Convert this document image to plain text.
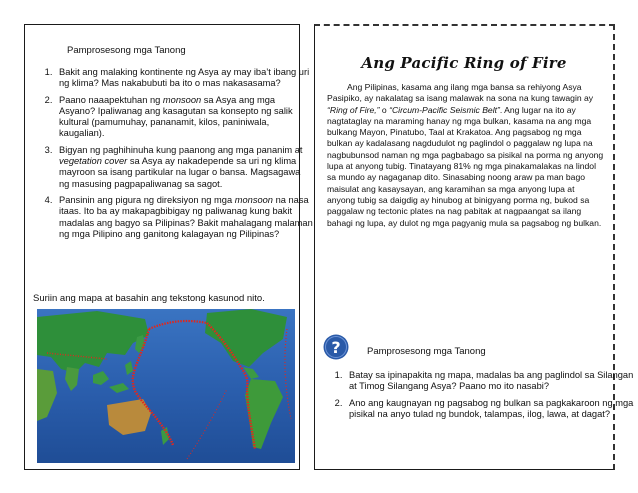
Pamprosesong mga Tanong
1. Bakit ang malaking kontinente ng Asya ay may iba’t ibang uri ng klima? Mas nakabubuti ba ito o mas nakasasama?
2. Paano naaapektuhan ng monsoon sa Asya ang mga Asyano? Ipaliwanag ang kasagutan sa konsepto ng salik kultural (pamumuhay, pananamit, kilos, paniniwala, kaugalian).
3. Bigyan ng paghihinuha kung paanong ang mga pananim at vegetation cover sa Asya ay nakadepende sa uri ng klima mayroon sa isang partikular na lugar o bansa. Magsagawa ng masusing pagpapaliwanag sa sagot.
4. Pansinin ang pigura ng direksiyon ng mga monsoon na nasa itaas. Ito ba ay makapagbibigay ng paliwanag kung bakit madalas ang bagyo sa Pilipinas? Bakit mahalagang malaman ng mga Pilipino ang ganitong kalagayan ng Pilipinas?
Suriin ang mapa at basahin ang tekstong kasunod nito.
Ang Pacific Ring of Fire

Ang Pilipinas, kasama ang ilang mga bansa sa rehiyong Asya Pasipiko, ay nakalatag sa isang malawak na sona na kung tawagin ay “Ring of Fire,” o “Circum-Pacific Seismic Belt”. Ang lugar na ito ay nagtataglay na maraming hanay ng mga bulkan, kasama na ang mga bulkang Mayon, Pinatubo, Taal at Krakatoa. Ang pagsabog ng mga bulkan ay kadalasang nagdudulot ng paglindol o paggalaw ng lupa na nagbubunsod naman ng mga pagbabago sa pisikal na porma ng anyong lupa at anyong tubig. Tinatayang 81% ng mga pinakamalakas na lindol sa mundo ay nagaganap dito. Sinasabing noong araw pa man bago maisulat ang kasaysayan, ang karamihan sa mga anyong lupa at anyong tubig sa daigdig ay hinubog at binigyang porma ng, bukod sa paggalaw ng tectonic plates na nag pabitak at nagpaangat sa ilang bahagi ng lupa, ay dulot ng mga pagyanig mula sa pagsabog ng bulkan.

?	Pamprosesong mga Tanong
1. Batay sa ipinapakita ng mapa, madalas ba ang paglindol sa Silangan at Timog Silangang Asya? Paano mo ito nasabi?
2. Ano ang kaugnayan ng pagsabog ng bulkan sa pagkakaroon ng mga pisikal na anyo tulad ng bundok, talampas, ilog, lawa, at dagat?
